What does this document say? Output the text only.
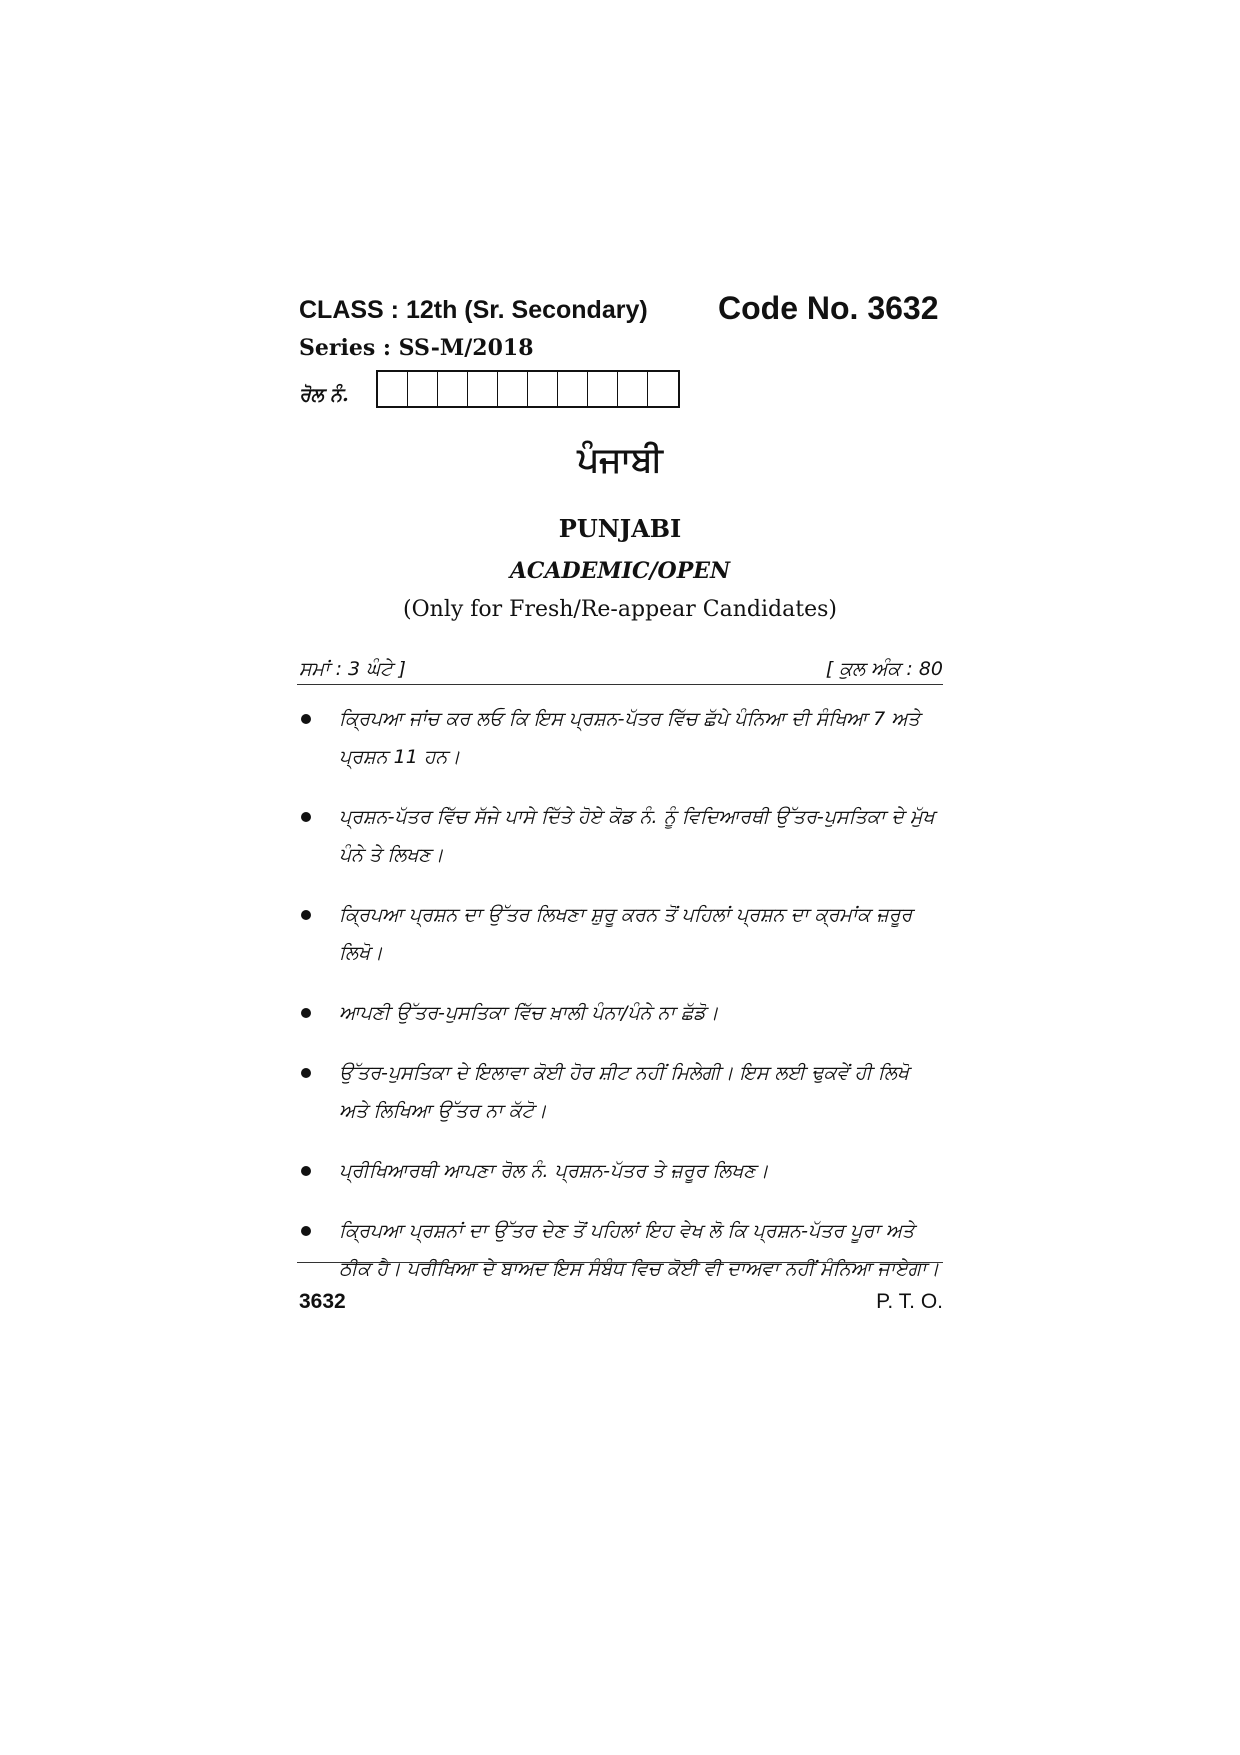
CLASS : 12th (Sr. Secondary) Code No. 3632
Series : SS-M/2018
ਰੋਲ ਨੰ.
ਪੰਜਾਬੀ
PUNJABI
ACADEMIC/OPEN
(Only for Fresh/Re-appear Candidates)
ਸਮਾਂ : 3 ਘੰਟੇ ]	[ ਕੁਲ ਅੰਕ : 80
ਕ੍ਰਿਪਆ ਜਾਂਚ ਕਰ ਲਓ ਕਿ ਇਸ ਪ੍ਰਸ਼ਨ-ਪੱਤਰ ਵਿੱਚ ਛੱਪੇ ਪੰਨਿਆ ਦੀ ਸੰਖਿਆ 7 ਅਤੇ ਪ੍ਰਸ਼ਨ 11 ਹਨ।
ਪ੍ਰਸ਼ਨ-ਪੱਤਰ ਵਿੱਚ ਸੱਜੇ ਪਾਸੇ ਦਿੱਤੇ ਹੋਏ ਕੋਡ ਨੰ. ਨੂੰ ਵਿਦਿਆਰਥੀ ਉੱਤਰ-ਪੁਸਤਿਕਾ ਦੇ ਮੁੱਖ ਪੰਨੇ ਤੇ ਲਿਖਣ।
ਕ੍ਰਿਪਆ ਪ੍ਰਸ਼ਨ ਦਾ ਉੱਤਰ ਲਿਖਣਾ ਸ਼ੁਰੂ ਕਰਨ ਤੋਂ ਪਹਿਲਾਂ ਪ੍ਰਸ਼ਨ ਦਾ ਕ੍ਰਮਾਂਕ ਜ਼ਰੂਰ ਲਿਖੋ।
ਆਪਣੀ ਉੱਤਰ-ਪੁਸਤਿਕਾ ਵਿੱਚ ਖ਼ਾਲੀ ਪੰਨਾ/ਪੰਨੇ ਨਾ ਛੱਡੋ।
ਉੱਤਰ-ਪੁਸਤਿਕਾ ਦੇ ਇਲਾਵਾ ਕੋਈ ਹੋਰ ਸ਼ੀਟ ਨਹੀਂ ਮਿਲੇਗੀ। ਇਸ ਲਈ ਢੁਕਵੇਂ ਹੀ ਲਿਖੋ ਅਤੇ ਲਿਖਿਆ ਉੱਤਰ ਨਾ ਕੱਟੋ।
ਪ੍ਰੀਖਿਆਰਥੀ ਆਪਣਾ ਰੋਲ ਨੰ. ਪ੍ਰਸ਼ਨ-ਪੱਤਰ ਤੇ ਜ਼ਰੂਰ ਲਿਖਣ।
ਕ੍ਰਿਪਆ ਪ੍ਰਸ਼ਨਾਂ ਦਾ ਉੱਤਰ ਦੇਣ ਤੋਂ ਪਹਿਲਾਂ ਇਹ ਵੇਖ ਲੋ ਕਿ ਪ੍ਰਸ਼ਨ-ਪੱਤਰ ਪੂਰਾ ਅਤੇ ਠੀਕ ਹੈ। ਪਰੀਖਿਆ ਦੇ ਬਾਅਦ ਇਸ ਸੰਬੰਧ ਵਿਚ ਕੋਈ ਵੀ ਦਾਅਵਾ ਨਹੀਂ ਮੰਨਿਆ ਜਾਏਗਾ।
3632	P. T. O.
